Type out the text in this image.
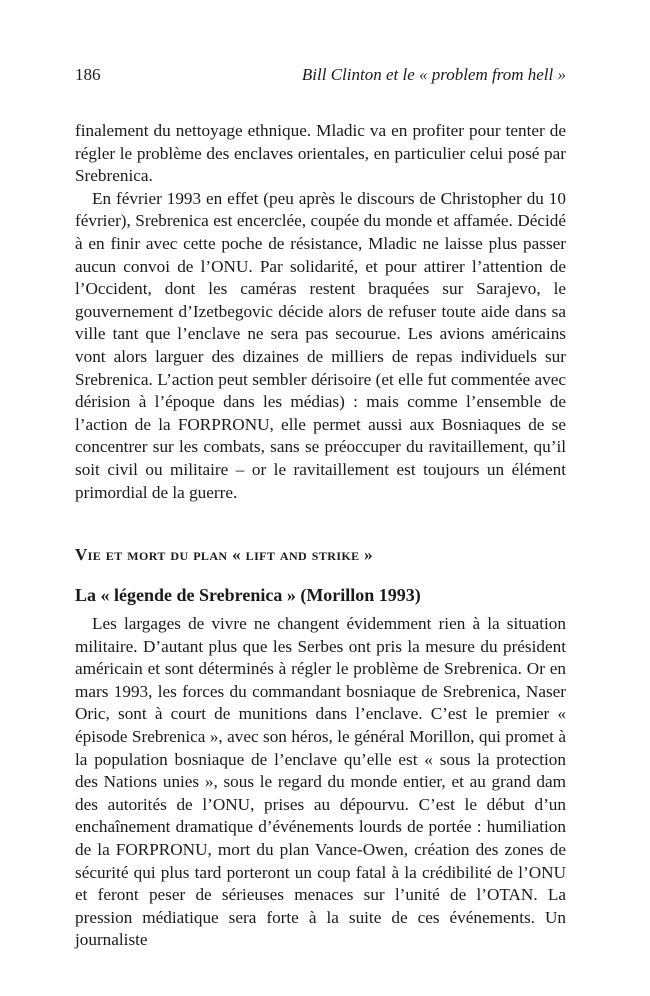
186	Bill Clinton et le « problem from hell »

finalement du nettoyage ethnique. Mladic va en profiter pour tenter de régler le problème des enclaves orientales, en particulier celui posé par Srebrenica.

En février 1993 en effet (peu après le discours de Christopher du 10 février), Srebrenica est encerclée, coupée du monde et affamée. Décidé à en finir avec cette poche de résistance, Mladic ne laisse plus passer aucun convoi de l’ONU. Par solidarité, et pour attirer l’attention de l’Occident, dont les caméras restent braquées sur Sarajevo, le gouvernement d’Izetbegovic décide alors de refuser toute aide dans sa ville tant que l’enclave ne sera pas secourue. Les avions américains vont alors larguer des dizaines de milliers de repas individuels sur Srebrenica. L’action peut sembler dérisoire (et elle fut commentée avec dérision à l’époque dans les médias) : mais comme l’ensemble de l’action de la FORPRONU, elle permet aussi aux Bosniaques de se concentrer sur les combats, sans se préoccuper du ravitaillement, qu’il soit civil ou militaire – or le ravitaillement est toujours un élément primordial de la guerre.

Vie et mort du plan « lift and strike »
La « légende de Srebrenica » (Morillon 1993)

Les largages de vivre ne changent évidemment rien à la situation militaire. D’autant plus que les Serbes ont pris la mesure du président américain et sont déterminés à régler le problème de Srebrenica. Or en mars 1993, les forces du commandant bosniaque de Srebrenica, Naser Oric, sont à court de munitions dans l’enclave. C’est le premier « épisode Srebrenica », avec son héros, le général Morillon, qui promet à la population bosniaque de l’enclave qu’elle est « sous la protection des Nations unies », sous le regard du monde entier, et au grand dam des autorités de l’ONU, prises au dépourvu. C’est le début d’un enchaînement dramatique d’événements lourds de portée : humiliation de la FORPRONU, mort du plan Vance-Owen, création des zones de sécurité qui plus tard porteront un coup fatal à la crédibilité de l’ONU et feront peser de sérieuses menaces sur l’unité de l’OTAN. La pression médiatique sera forte à la suite de ces événements. Un journaliste
